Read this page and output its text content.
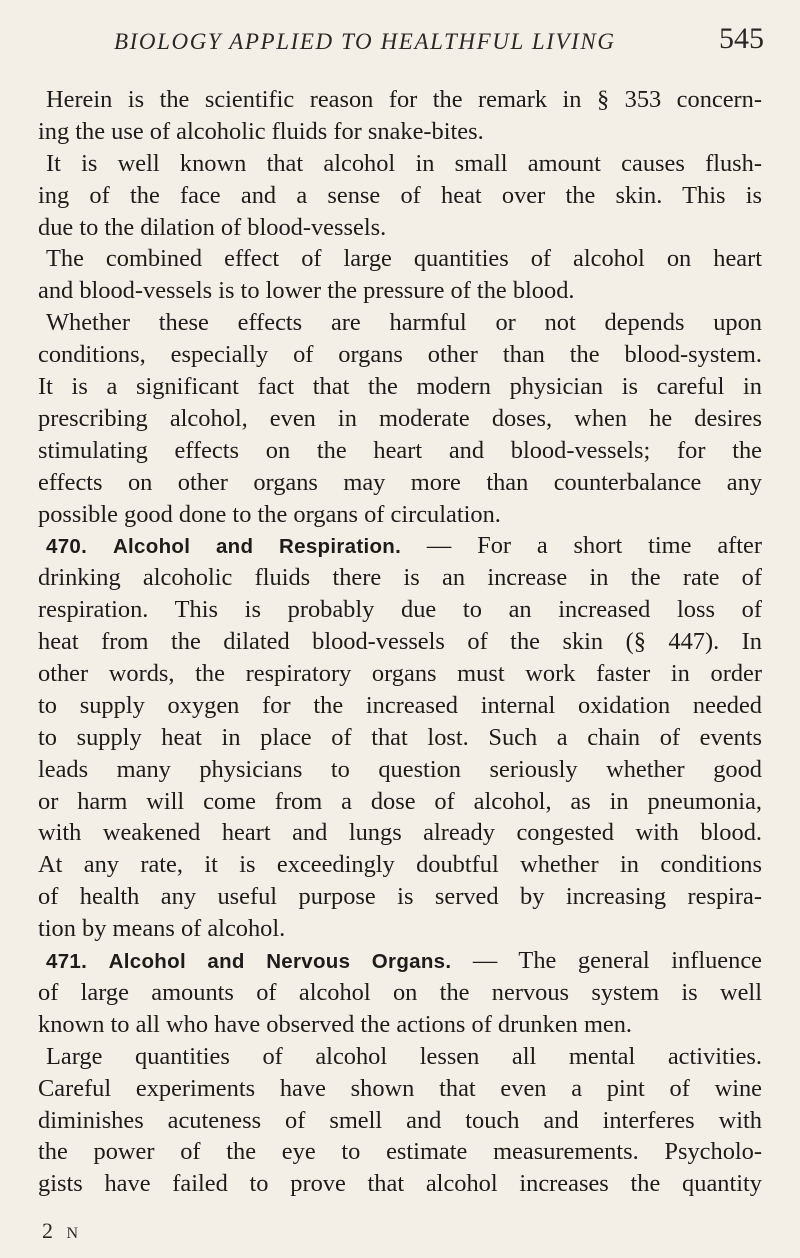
BIOLOGY APPLIED TO HEALTHFUL LIVING	545
Herein is the scientific reason for the remark in § 353 concern-
ing the use of alcoholic fluids for snake-bites.
It is well known that alcohol in small amount causes flush-
ing of the face and a sense of heat over the skin. This is
due to the dilation of blood-vessels.
The combined effect of large quantities of alcohol on heart
and blood-vessels is to lower the pressure of the blood.
Whether these effects are harmful or not depends upon
conditions, especially of organs other than the blood-system.
It is a significant fact that the modern physician is careful in
prescribing alcohol, even in moderate doses, when he desires
stimulating effects on the heart and blood-vessels; for the
effects on other organs may more than counterbalance any
possible good done to the organs of circulation.
470. Alcohol and Respiration. — For a short time after
drinking alcoholic fluids there is an increase in the rate of
respiration. This is probably due to an increased loss of
heat from the dilated blood-vessels of the skin (§ 447). In
other words, the respiratory organs must work faster in order
to supply oxygen for the increased internal oxidation needed
to supply heat in place of that lost. Such a chain of events
leads many physicians to question seriously whether good
or harm will come from a dose of alcohol, as in pneumonia,
with weakened heart and lungs already congested with blood.
At any rate, it is exceedingly doubtful whether in conditions
of health any useful purpose is served by increasing respira-
tion by means of alcohol.
471. Alcohol and Nervous Organs. — The general influence
of large amounts of alcohol on the nervous system is well
known to all who have observed the actions of drunken men.
Large quantities of alcohol lessen all mental activities.
Careful experiments have shown that even a pint of wine
diminishes acuteness of smell and touch and interferes with
the power of the eye to estimate measurements. Psycholo-
gists have failed to prove that alcohol increases the quantity
2 N
